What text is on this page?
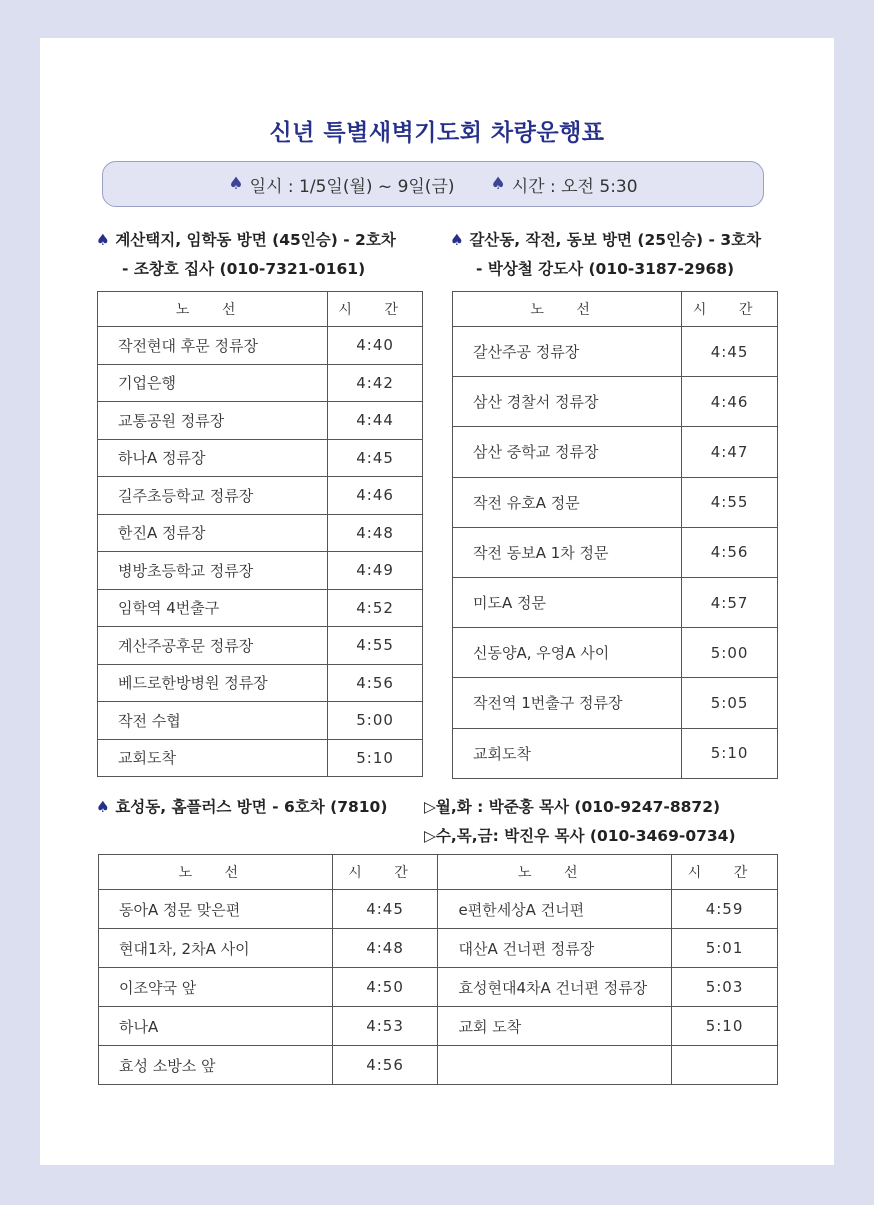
신년 특별새벽기도회 차량운행표
♠ 일시 : 1/5일(월) ~ 9일(금) ♠ 시간 : 오전 5:30
♠ 계산택지, 임학동 방면 (45인승) - 2호차
- 조창호 집사 (010-7321-0161)
♠ 갈산동, 작전, 동보 방면 (25인승) - 3호차
- 박상철 강도사 (010-3187-2968)
노 선	시 간
작전현대 후문 정류장	4:40
기업은행	4:42
교통공원 정류장	4:44
하나A 정류장	4:45
길주초등학교 정류장	4:46
한진A 정류장	4:48
병방초등학교 정류장	4:49
임학역 4번출구	4:52
계산주공후문 정류장	4:55
베드로한방병원 정류장	4:56
작전 수협	5:00
교회도착	5:10
노 선	시 간
갈산주공 정류장	4:45
삼산 경찰서 정류장	4:46
삼산 중학교 정류장	4:47
작전 유호A 정문	4:55
작전 동보A 1차 정문	4:56
미도A 정문	4:57
신동양A, 우영A 사이	5:00
작전역 1번출구 정류장	5:05
교회도착	5:10
♠ 효성동, 홈플러스 방면 - 6호차 (7810) ▷월,화 : 박준홍 목사 (010-9247-8872)
▷수,목,금: 박진우 목사 (010-3469-0734)
노 선	시 간	노 선	시 간
동아A 정문 맞은편	4:45	e편한세상A 건너편	4:59
현대1차, 2차A 사이	4:48	대산A 건너편 정류장	5:01
이조약국 앞	4:50	효성현대4차A 건너편 정류장	5:03
하나A	4:53	교회 도착	5:10
효성 소방소 앞	4:56		
